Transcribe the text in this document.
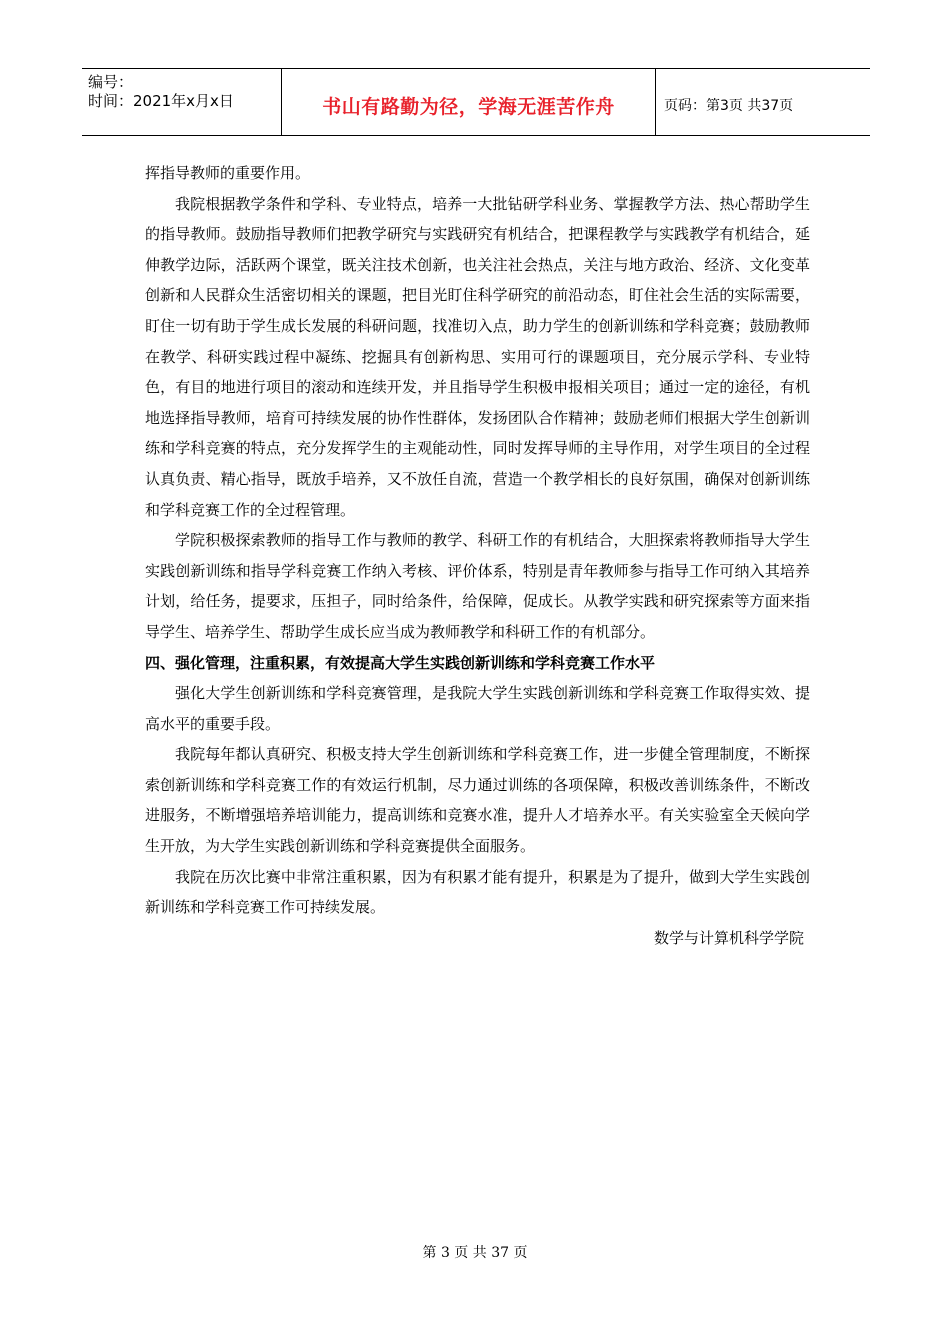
编号：
时间：2021年x月x日	书山有路勤为径，学海无涯苦作舟	页码：第3页 共37页

挥指导教师的重要作用。

我院根据教学条件和学科、专业特点，培养一大批钻研学科业务、掌握教学方法、热心帮助学生的指导教师。鼓励指导教师们把教学研究与实践研究有机结合，把课程教学与实践教学有机结合，延伸教学边际，活跃两个课堂，既关注技术创新，也关注社会热点，关注与地方政治、经济、文化变革创新和人民群众生活密切相关的课题，把目光盯住科学研究的前沿动态，盯住社会生活的实际需要，盯住一切有助于学生成长发展的科研问题，找准切入点，助力学生的创新训练和学科竞赛；鼓励教师在教学、科研实践过程中凝练、挖掘具有创新构思、实用可行的课题项目，充分展示学科、专业特色，有目的地进行项目的滚动和连续开发，并且指导学生积极申报相关项目；通过一定的途径，有机地选择指导教师，培育可持续发展的协作性群体，发扬团队合作精神；鼓励老师们根据大学生创新训练和学科竞赛的特点，充分发挥学生的主观能动性，同时发挥导师的主导作用，对学生项目的全过程认真负责、精心指导，既放手培养，又不放任自流，营造一个教学相长的良好氛围，确保对创新训练和学科竞赛工作的全过程管理。

学院积极探索教师的指导工作与教师的教学、科研工作的有机结合，大胆探索将教师指导大学生实践创新训练和指导学科竞赛工作纳入考核、评价体系，特别是青年教师参与指导工作可纳入其培养计划，给任务，提要求，压担子，同时给条件，给保障，促成长。从教学实践和研究探索等方面来指导学生、培养学生、帮助学生成长应当成为教师教学和科研工作的有机部分。

四、强化管理，注重积累，有效提高大学生实践创新训练和学科竞赛工作水平

强化大学生创新训练和学科竞赛管理，是我院大学生实践创新训练和学科竞赛工作取得实效、提高水平的重要手段。

我院每年都认真研究、积极支持大学生创新训练和学科竞赛工作，进一步健全管理制度，不断探索创新训练和学科竞赛工作的有效运行机制，尽力通过训练的各项保障，积极改善训练条件，不断改进服务，不断增强培养培训能力，提高训练和竞赛水准，提升人才培养水平。有关实验室全天候向学生开放，为大学生实践创新训练和学科竞赛提供全面服务。

我院在历次比赛中非常注重积累，因为有积累才能有提升，积累是为了提升，做到大学生实践创新训练和学科竞赛工作可持续发展。

数学与计算机科学学院

第 3 页 共 37 页
